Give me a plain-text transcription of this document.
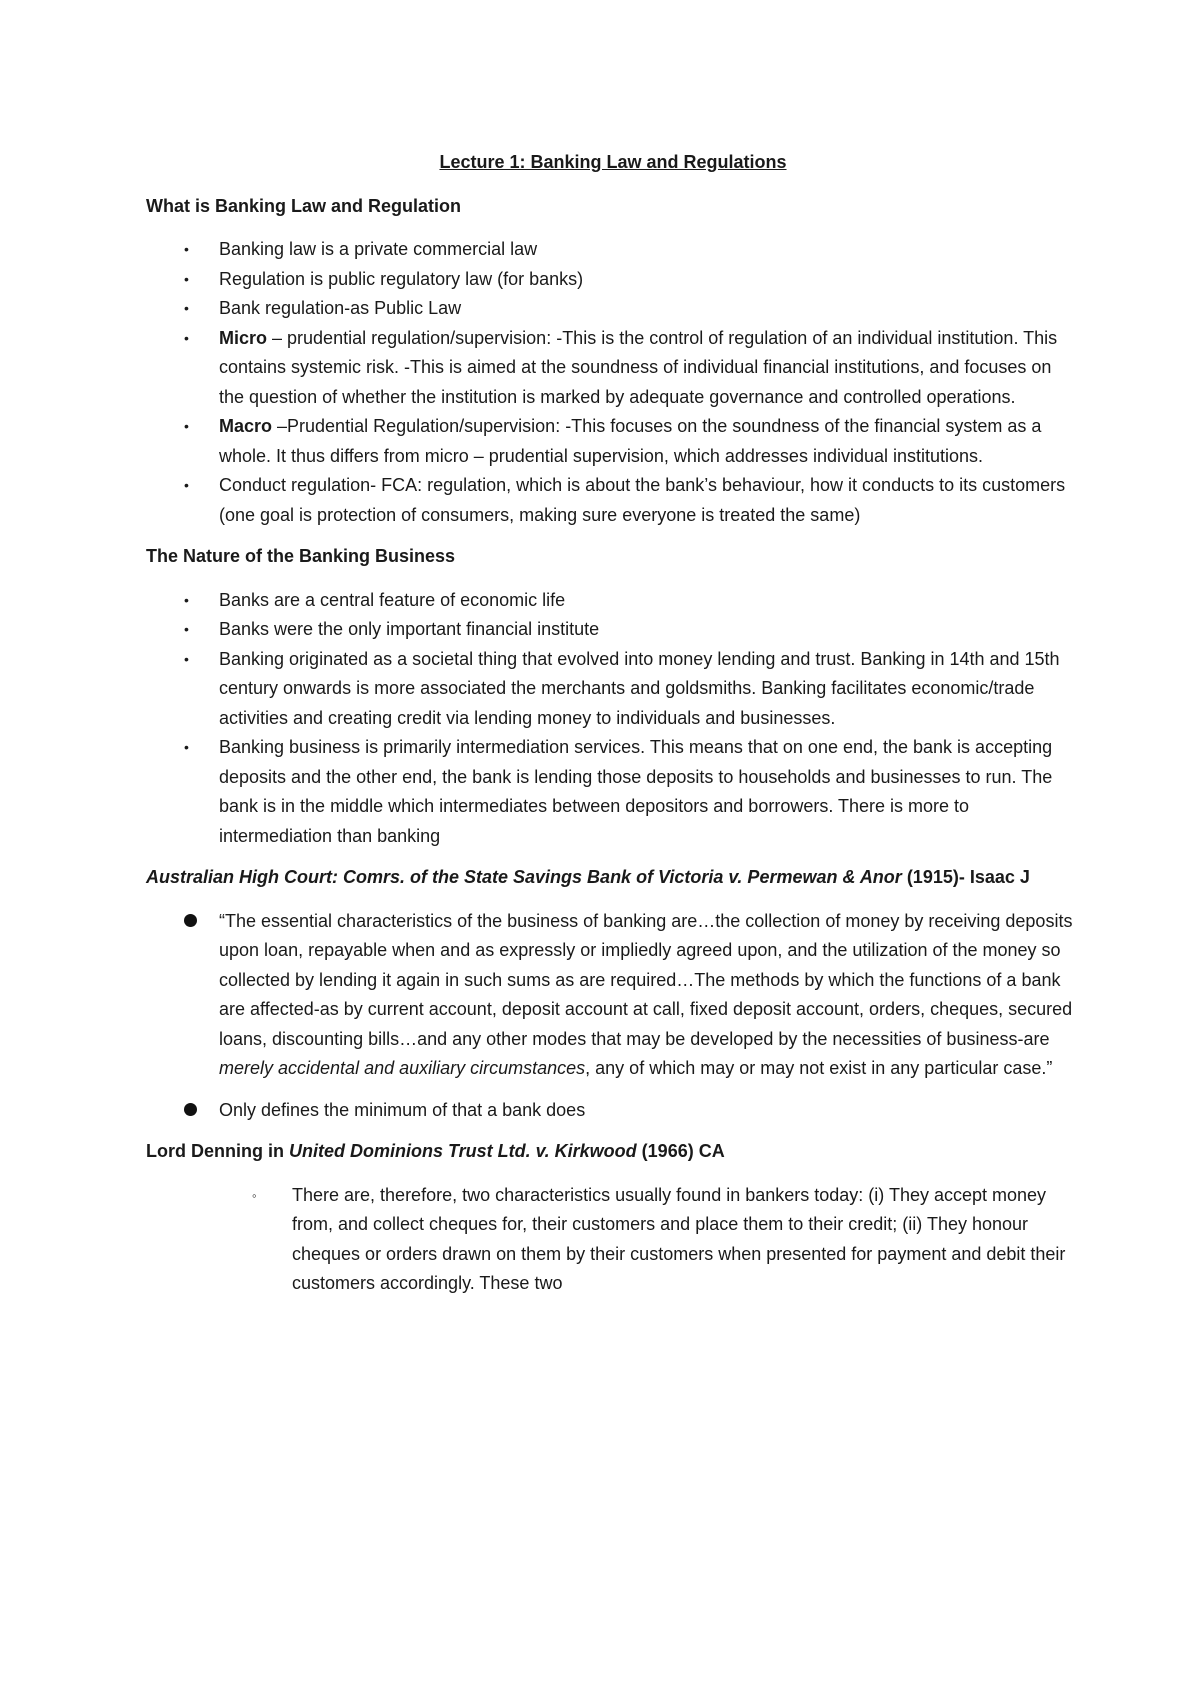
Lecture 1: Banking Law and Regulations
What is Banking Law and Regulation
• Banking law is a private commercial law
• Regulation is public regulatory law (for banks)
• Bank regulation-as Public Law
• Micro – prudential regulation/supervision: -This is the control of regulation of an individual institution. This contains systemic risk. -This is aimed at the soundness of individual financial institutions, and focuses on the question of whether the institution is marked by adequate governance and controlled operations.
• Macro –Prudential Regulation/supervision: -This focuses on the soundness of the financial system as a whole. It thus differs from micro – prudential supervision, which addresses individual institutions.
• Conduct regulation- FCA: regulation, which is about the bank’s behaviour, how it conducts to its customers (one goal is protection of consumers, making sure everyone is treated the same)
The Nature of the Banking Business
• Banks are a central feature of economic life
• Banks were the only important financial institute
• Banking originated as a societal thing that evolved into money lending and trust. Banking in 14th and 15th century onwards is more associated the merchants and goldsmiths. Banking facilitates economic/trade activities and creating credit via lending money to individuals and businesses.
• Banking business is primarily intermediation services. This means that on one end, the bank is accepting deposits and the other end, the bank is lending those deposits to households and businesses to run. The bank is in the middle which intermediates between depositors and borrowers. There is more to intermediation than banking
Australian High Court: Comrs. of the State Savings Bank of Victoria v. Permewan & Anor (1915)- Isaac J
“The essential characteristics of the business of banking are…the collection of money by receiving deposits upon loan, repayable when and as expressly or impliedly agreed upon, and the utilization of the money so collected by lending it again in such sums as are required…The methods by which the functions of a bank are affected-as by current account, deposit account at call, fixed deposit account, orders, cheques, secured loans, discounting bills…and any other modes that may be developed by the necessities of business-are merely accidental and auxiliary circumstances, any of which may or may not exist in any particular case.”
Only defines the minimum of that a bank does
Lord Denning in United Dominions Trust Ltd. v. Kirkwood (1966) CA
◦ There are, therefore, two characteristics usually found in bankers today: (i) They accept money from, and collect cheques for, their customers and place them to their credit; (ii) They honour cheques or orders drawn on them by their customers when presented for payment and debit their customers accordingly. These two
